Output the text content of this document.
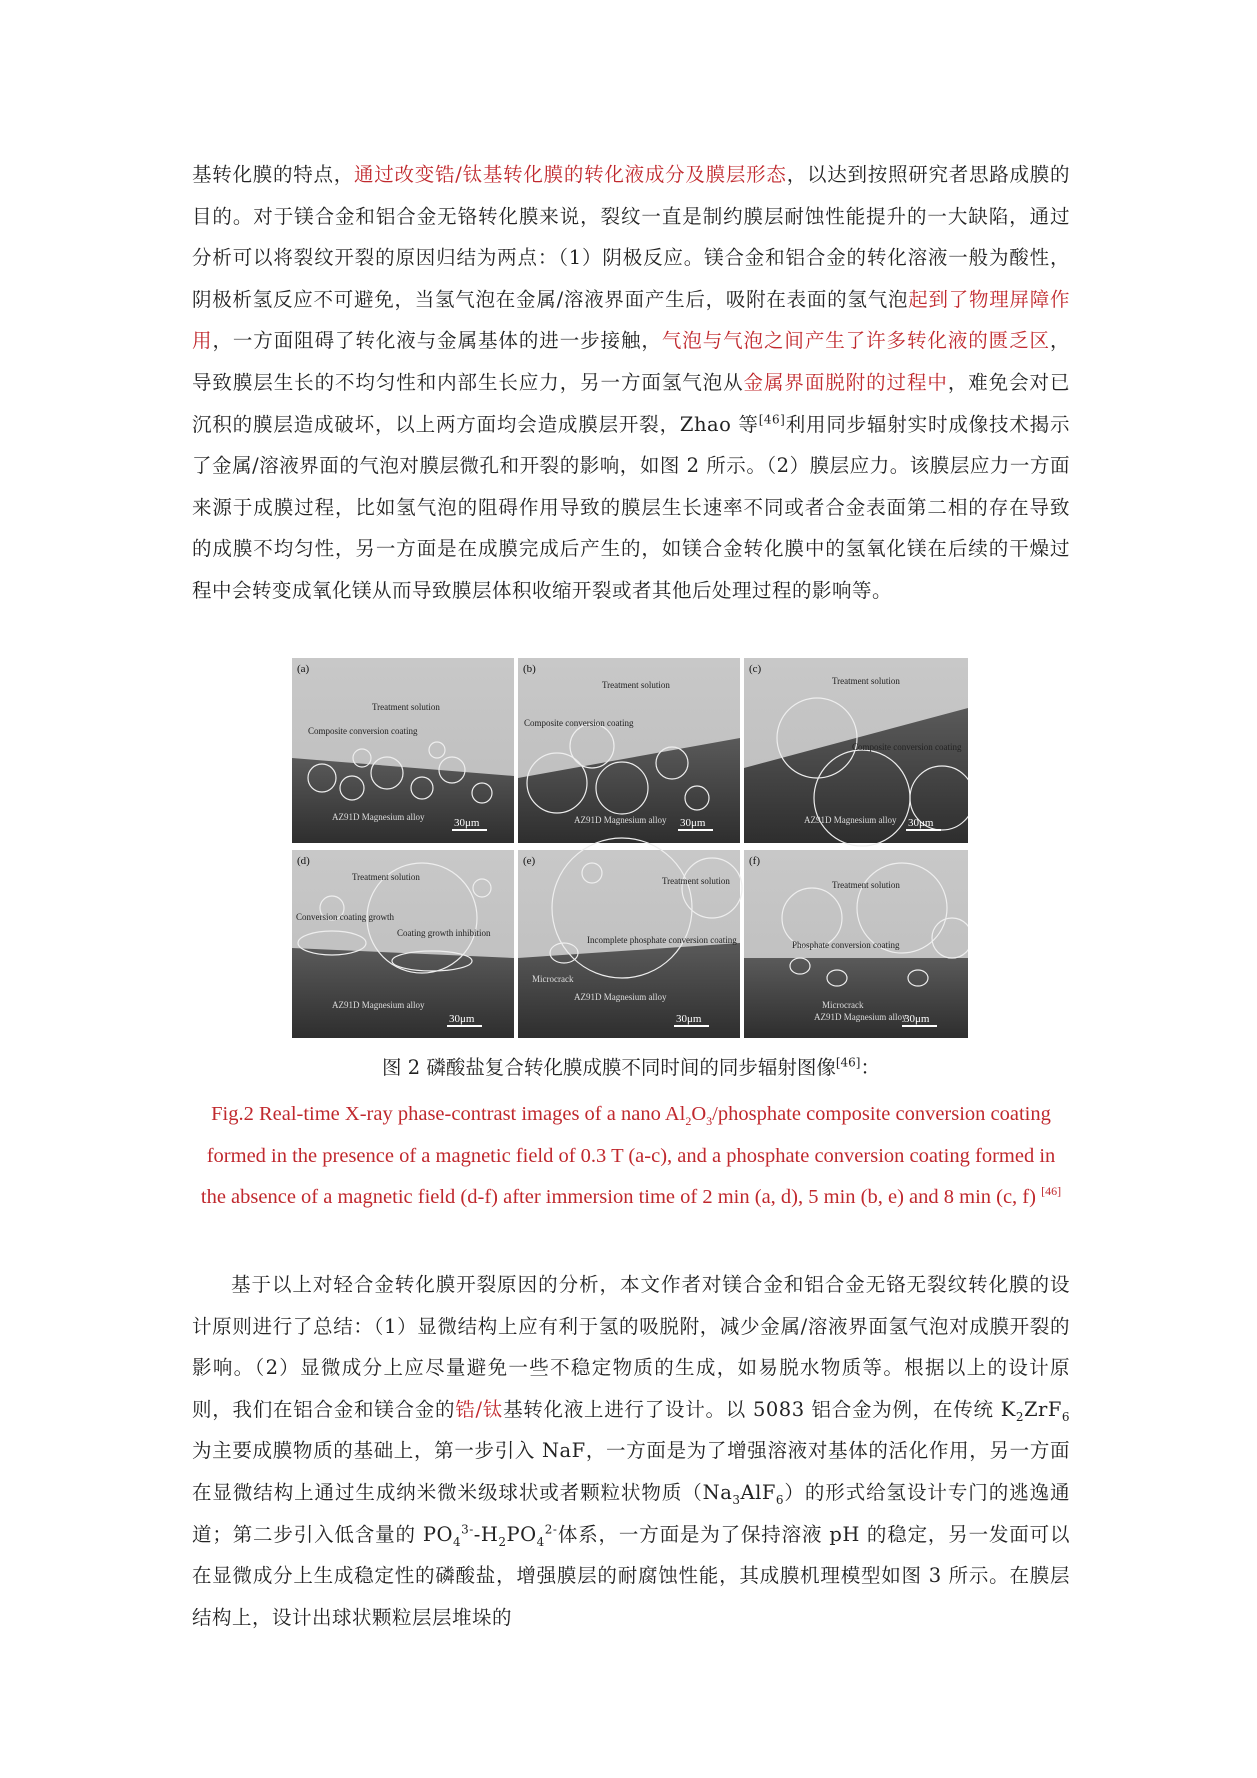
基转化膜的特点，通过改变锆/钛基转化膜的转化液成分及膜层形态，以达到按照研究者思路成膜的目的。对于镁合金和铝合金无铬转化膜来说，裂纹一直是制约膜层耐蚀性能提升的一大缺陷，通过分析可以将裂纹开裂的原因归结为两点：（1）阴极反应。镁合金和铝合金的转化溶液一般为酸性，阴极析氢反应不可避免，当氢气泡在金属/溶液界面产生后，吸附在表面的氢气泡起到了物理屏障作用，一方面阻碍了转化液与金属基体的进一步接触，气泡与气泡之间产生了许多转化液的匮乏区，导致膜层生长的不均匀性和内部生长应力，另一方面氢气泡从金属界面脱附的过程中，难免会对已沉积的膜层造成破坏，以上两方面均会造成膜层开裂，Zhao 等[46]利用同步辐射实时成像技术揭示了金属/溶液界面的气泡对膜层微孔和开裂的影响，如图 2 所示。（2）膜层应力。该膜层应力一方面来源于成膜过程，比如氢气泡的阻碍作用导致的膜层生长速率不同或者合金表面第二相的存在导致的成膜不均匀性，另一方面是在成膜完成后产生的，如镁合金转化膜中的氢氧化镁在后续的干燥过程中会转变成氧化镁从而导致膜层体积收缩开裂或者其他后处理过程的影响等。

(a)
Treatment solution
Composite conversion coating
AZ91D Magnesium alloy	30μm
(b)
Treatment solution
Composite conversion coating
AZ91D Magnesium alloy 30μm
(c)
Treatment solution
Composite conversion coating
AZ91D Magnesium alloy 30μm
(d)
Treatment solution
Conversion coating growth
Coating growth inhibition
AZ91D Magnesium alloy
30μm
(e)
Treatment solution
Incomplete phosphate conversion coating
Microcrack
AZ91D Magnesium alloy
30μm
(f)
Treatment solution
Phosphate conversion coating
Microcrack
AZ91D Magnesium alloy
30μm

图 2 磷酸盐复合转化膜成膜不同时间的同步辐射图像[46]：

Fig.2 Real-time X-ray phase-contrast images of a nano $Al_2O_3$/phosphate composite conversion coating formed in the presence of a magnetic field of 0.3 T (a-c), and a phosphate conversion coating formed in the absence of a magnetic field (d-f) after immersion time of 2 min (a, d), 5 min (b, e) and 8 min (c, f) [46]

基于以上对轻合金转化膜开裂原因的分析，本文作者对镁合金和铝合金无铬无裂纹转化膜的设计原则进行了总结：（1）显微结构上应有利于氢的吸脱附，减少金属/溶液界面氢气泡对成膜开裂的影响。（2）显微成分上应尽量避免一些不稳定物质的生成，如易脱水物质等。根据以上的设计原则，我们在铝合金和镁合金的锆/钛基转化液上进行了设计。以 5083 铝合金为例，在传统 $K_2ZrF_6$ 为主要成膜物质的基础上，第一步引入 NaF，一方面是为了增强溶液对基体的活化作用，另一方面在显微结构上通过生成纳米微米级球状或者颗粒状物质$(Na_3AlF_6)$的形式给氢设计专门的逃逸通道；第二步引入低含量的 $PO_4^{3-}-H_2PO_4^{2-}$体系，一方面是为了保持溶液 pH 的稳定，另一发面可以在显微成分上生成稳定性的磷酸盐，增强膜层的耐腐蚀性能，其成膜机理模型如图 3 所示。在膜层结构上，设计出球状颗粒层层堆垛的
